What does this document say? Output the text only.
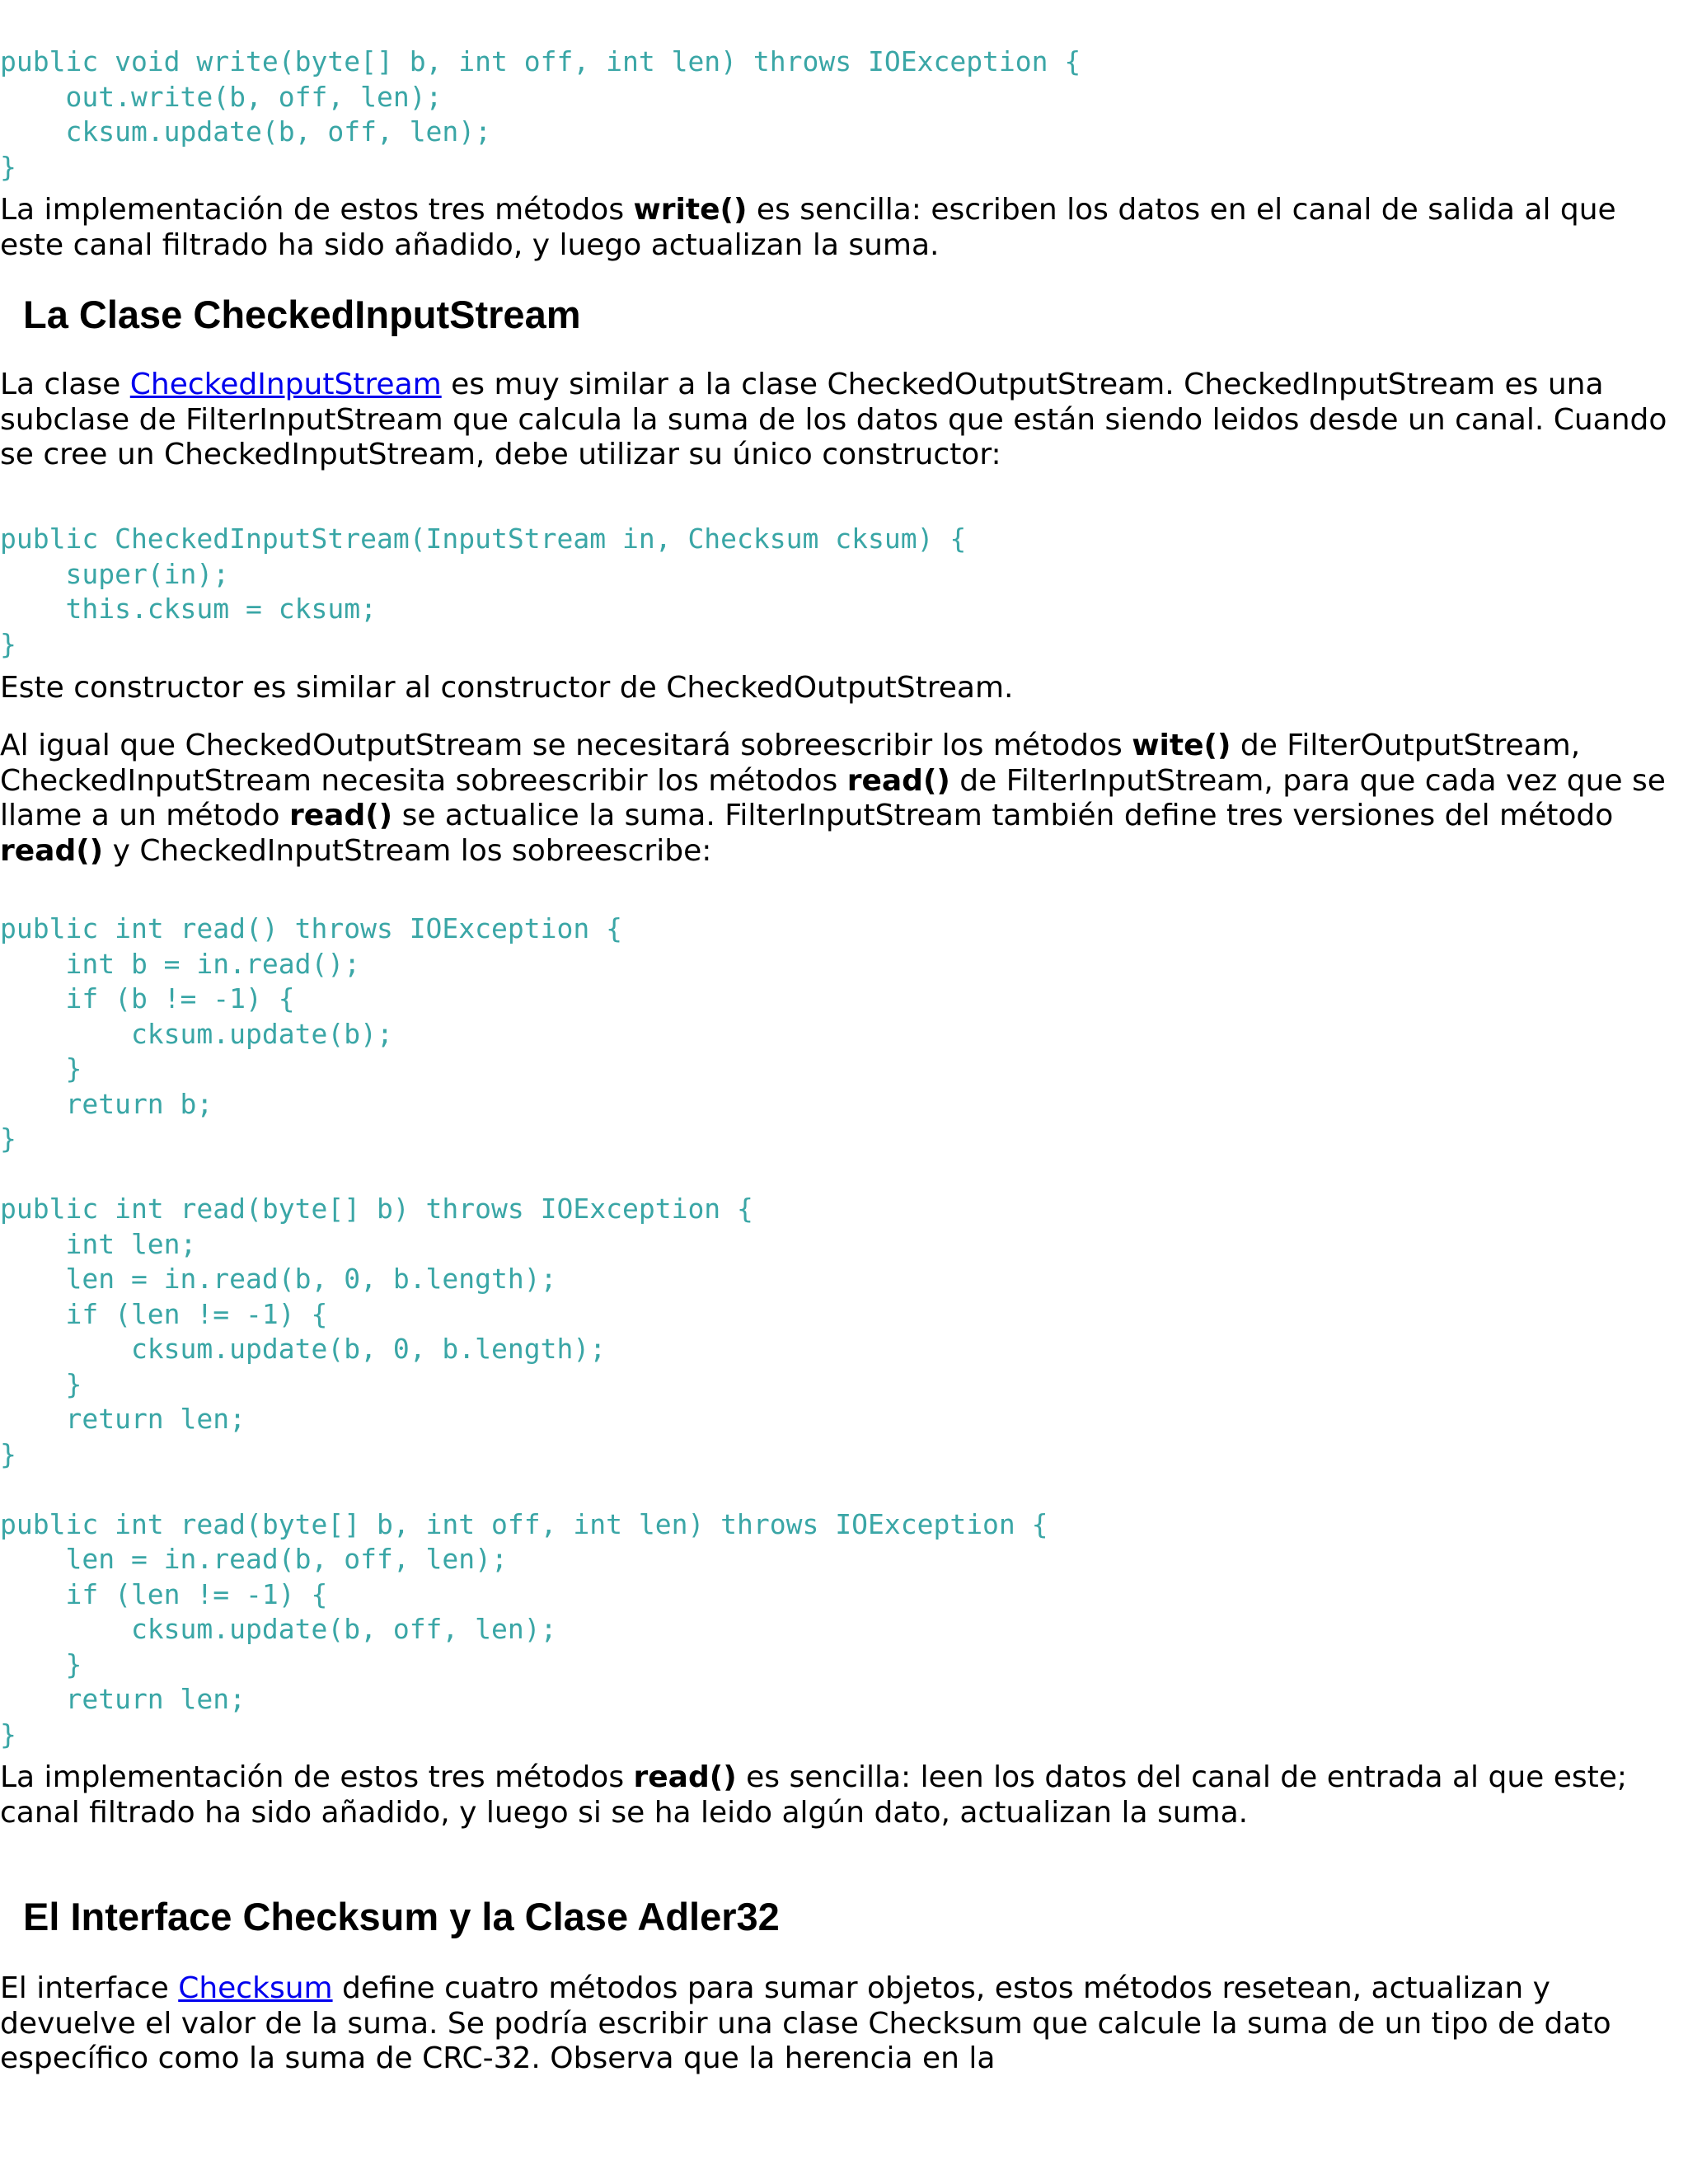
public void write(byte[] b, int off, int len) throws IOException {
out.write(b, off, len);
cksum.update(b, off, len);
}

La implementación de estos tres métodos write() es sencilla: escriben los datos en el canal de salida al que este canal filtrado ha sido añadido, y luego actualizan la suma.

La Clase CheckedInputStream

La clase CheckedInputStream es muy similar a la clase CheckedOutputStream. CheckedInputStream es una subclase de FilterInputStream que calcula la suma de los datos que están siendo leidos desde un canal. Cuando se cree un CheckedInputStream, debe utilizar su único constructor:

public CheckedInputStream(InputStream in, Checksum cksum) {
super(in);
this.cksum = cksum;
}

Este constructor es similar al constructor de CheckedOutputStream.

Al igual que CheckedOutputStream se necesitará sobreescribir los métodos wite() de FilterOutputStream, CheckedInputStream necesita sobreescribir los métodos read() de FilterInputStream, para que cada vez que se llame a un método read() se actualice la suma. FilterInputStream también define tres versiones del método read() y CheckedInputStream los sobreescribe:

public int read() throws IOException {
int b = in.read();
if (b != -1) {
cksum.update(b);
}
return b;
}

public int read(byte[] b) throws IOException {
int len;
len = in.read(b, 0, b.length);
if (len != -1) {
cksum.update(b, 0, b.length);
}
return len;
}

public int read(byte[] b, int off, int len) throws IOException {
len = in.read(b, off, len);
if (len != -1) {
cksum.update(b, off, len);
}
return len;
}

La implementación de estos tres métodos read() es sencilla: leen los datos del canal de entrada al que este; canal filtrado ha sido añadido, y luego si se ha leido algún dato, actualizan la suma.

El Interface Checksum y la Clase Adler32

El interface Checksum define cuatro métodos para sumar objetos, estos métodos resetean, actualizan y devuelve el valor de la suma. Se podría escribir una clase Checksum que calcule la suma de un tipo de dato específico como la suma de CRC-32. Observa que la herencia en la
